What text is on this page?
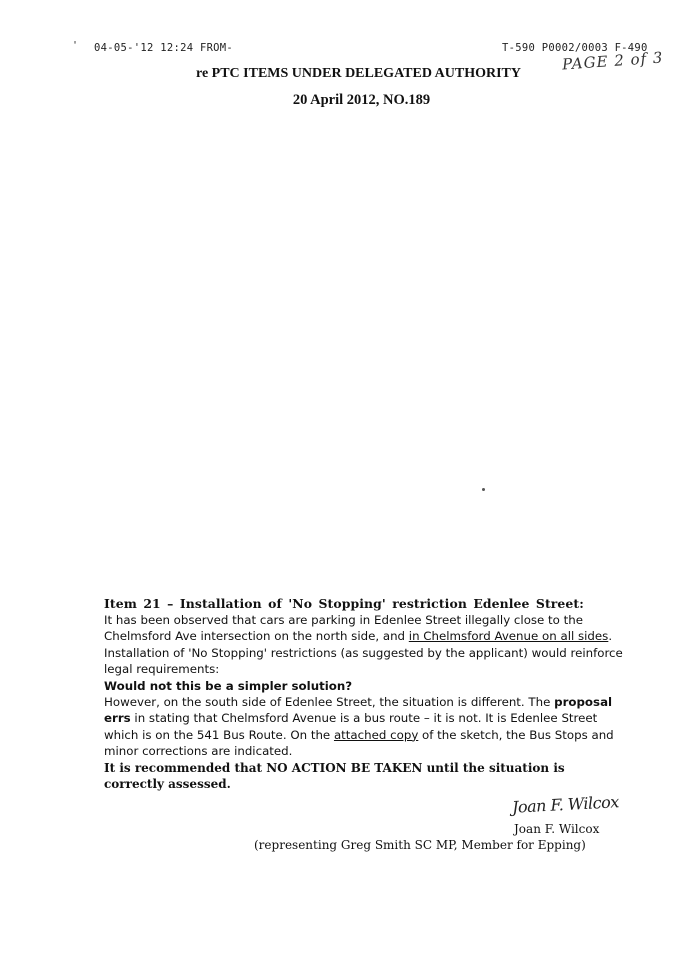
' 04-05-'12 12:24 FROM-	T-590 P0002/0003 F-490
PAGE 2 of 3
re PTC ITEMS UNDER DELEGATED AUTHORITY
20 April 2012, NO.189
Item 21 – Installation of 'No Stopping' restriction Edenlee Street:
It has been observed that cars are parking in Edenlee Street illegally close to the Chelmsford Ave intersection on the north side, and in Chelmsford Avenue on all sides. Installation of 'No Stopping' restrictions (as suggested by the applicant) would reinforce legal requirements:
Would not this be a simpler solution?
However, on the south side of Edenlee Street, the situation is different. The proposal errs in stating that Chelmsford Avenue is a bus route – it is not. It is Edenlee Street which is on the 541 Bus Route. On the attached copy of the sketch, the Bus Stops and minor corrections are indicated.
It is recommended that NO ACTION BE TAKEN until the situation is correctly assessed.
Joan F. Wilcox
Joan F. Wilcox
(representing Greg Smith SC MP, Member for Epping)
